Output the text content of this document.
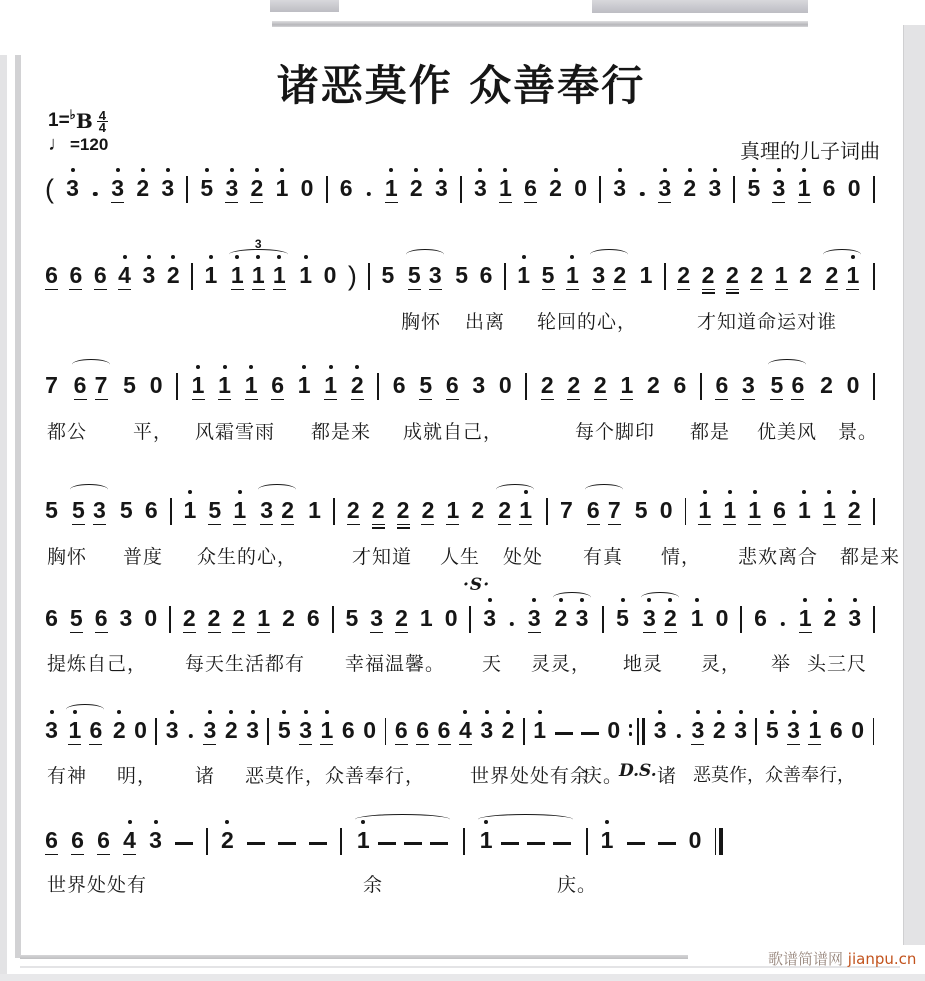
诸恶莫作 众善奉行
1= ♭ B $\frac{4}{4}$
♩ =120	真理的儿子词曲
( 3 3 2 3 5 3 2 1 0 6 1 2 3 3 1 6 2 0 3 3 2 3 5 3 1 6 0
6 6 6 4 3 2 1 1 1 1
3
1 0 ) 5 5 3 5 6 1 5 1 3 2 1 2 2 2 2 1 2 2 1
胸怀 出离 轮回的心，	才知道命运对谁
7 6 7 5 0 1 1 1 6 1 1 2 6 5 6 3 0 2 2 2 1 2 6 6 3 5 6 2 0
都公 平， 风霜雪雨 都是来 成就自己，	每个脚印 都是 优美风 景。
5 5 3 5 6 1 5 1 3 2 1 2 2 2 2 1 2 2 1 7 6 7 5 0 1 1 1 6 1 1 2
胸怀 普度 众生的心，	才知道 人生 处处 有真 情， 悲欢离合 都是来
6 5 6 3 0 2 2 2 1 2 6 5 3 2 1 0 3 3 2 3 5 3 2 1 0 6 1 2 3
·S·
提炼自己， 每天生活都有 幸福温馨。 天 灵灵， 地灵 灵， 举 头三尺
3 1 6 2 0 3 3 2 3 5 3 1 6 0 6 6 6 4 3 2 1	0 3 3 2 3 5 3 1 6 0
有神 明， 诸 恶莫作，众善奉行， 世界处处有余
庆。
D.S. 诸 恶莫作，众善奉行，
6 6 6 4 3	2	1	1	1	0
世界处处有	余	庆。
歌谱简谱网 jianpu.cn
